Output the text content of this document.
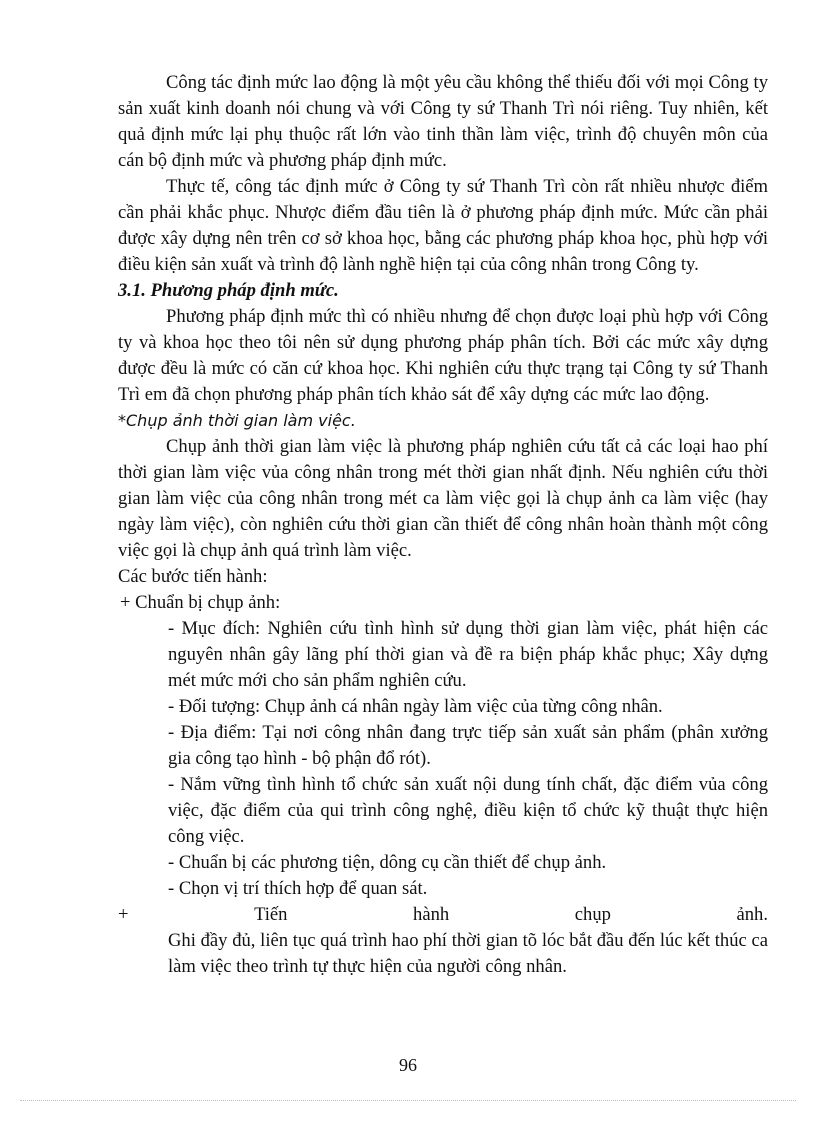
Công tác định mức lao động là một yêu cầu không thể thiếu đối với mọi Công ty sản xuất kinh doanh nói chung và với Công ty sứ Thanh Trì nói riêng. Tuy nhiên, kết quả định mức lại phụ thuộc rất lớn vào tinh thần làm việc, trình độ chuyên môn của cán bộ định mức và phương pháp định mức.

Thực tế, công tác định mức ở Công ty sứ Thanh Trì còn rất nhiều nhược điểm cần phải khắc phục. Nhược điểm đầu tiên là ở phương pháp định mức. Mức cần phải được xây dựng nên trên cơ sở khoa học, bằng các phương pháp khoa học, phù hợp với điều kiện sản xuất và trình độ lành nghề hiện tại của công nhân trong Công ty.

3.1. Phương pháp định mức.

Phương pháp định mức thì có nhiều nhưng để chọn được loại phù hợp với Công ty và khoa học theo tôi nên sử dụng phương pháp phân tích. Bởi các mức xây dựng được đều là mức có căn cứ khoa học. Khi nghiên cứu thực trạng tại Công ty sứ Thanh Trì em đã chọn phương pháp phân tích khảo sát để xây dựng các mức lao động.

*Chụp ảnh thời gian làm việc.

Chụp ảnh thời gian làm việc là phương pháp nghiên cứu tất cả các loại hao phí thời gian làm việc vủa công nhân trong mét thời gian nhất định. Nếu nghiên cứu thời gian làm việc của công nhân trong mét ca làm việc gọi là chụp ảnh ca làm việc (hay ngày làm việc), còn nghiên cứu thời gian cần thiết để công nhân hoàn thành một công việc gọi là chụp ảnh quá trình làm việc.

Các bước tiến hành:

+ Chuẩn bị chụp ảnh:

- Mục đích: Nghiên cứu tình hình sử dụng thời gian làm việc, phát hiện các nguyên nhân gây lãng phí thời gian và đề ra biện pháp khắc phục; Xây dựng mét mức mới cho sản phẩm nghiên cứu.

- Đối tượng: Chụp ảnh cá nhân ngày làm việc của từng công nhân.

- Địa điểm: Tại nơi công nhân đang trực tiếp sản xuất sản phẩm (phân xưởng gia công tạo hình - bộ phận đổ rót).

- Nắm vững tình hình tổ chức sản xuất nội dung tính chất, đặc điểm vủa công việc, đặc điểm của qui trình công nghệ, điều kiện tổ chức kỹ thuật thực hiện công việc.

- Chuẩn bị các phương tiện, dông cụ cần thiết để chụp ảnh.

- Chọn vị trí thích hợp để quan sát.

+	Tiến	hành	chụp	ảnh.

Ghi đầy đủ, liên tục quá trình hao phí thời gian tõ lóc bắt đầu đến lúc kết thúc ca làm việc theo trình tự thực hiện của người công nhân.

96
